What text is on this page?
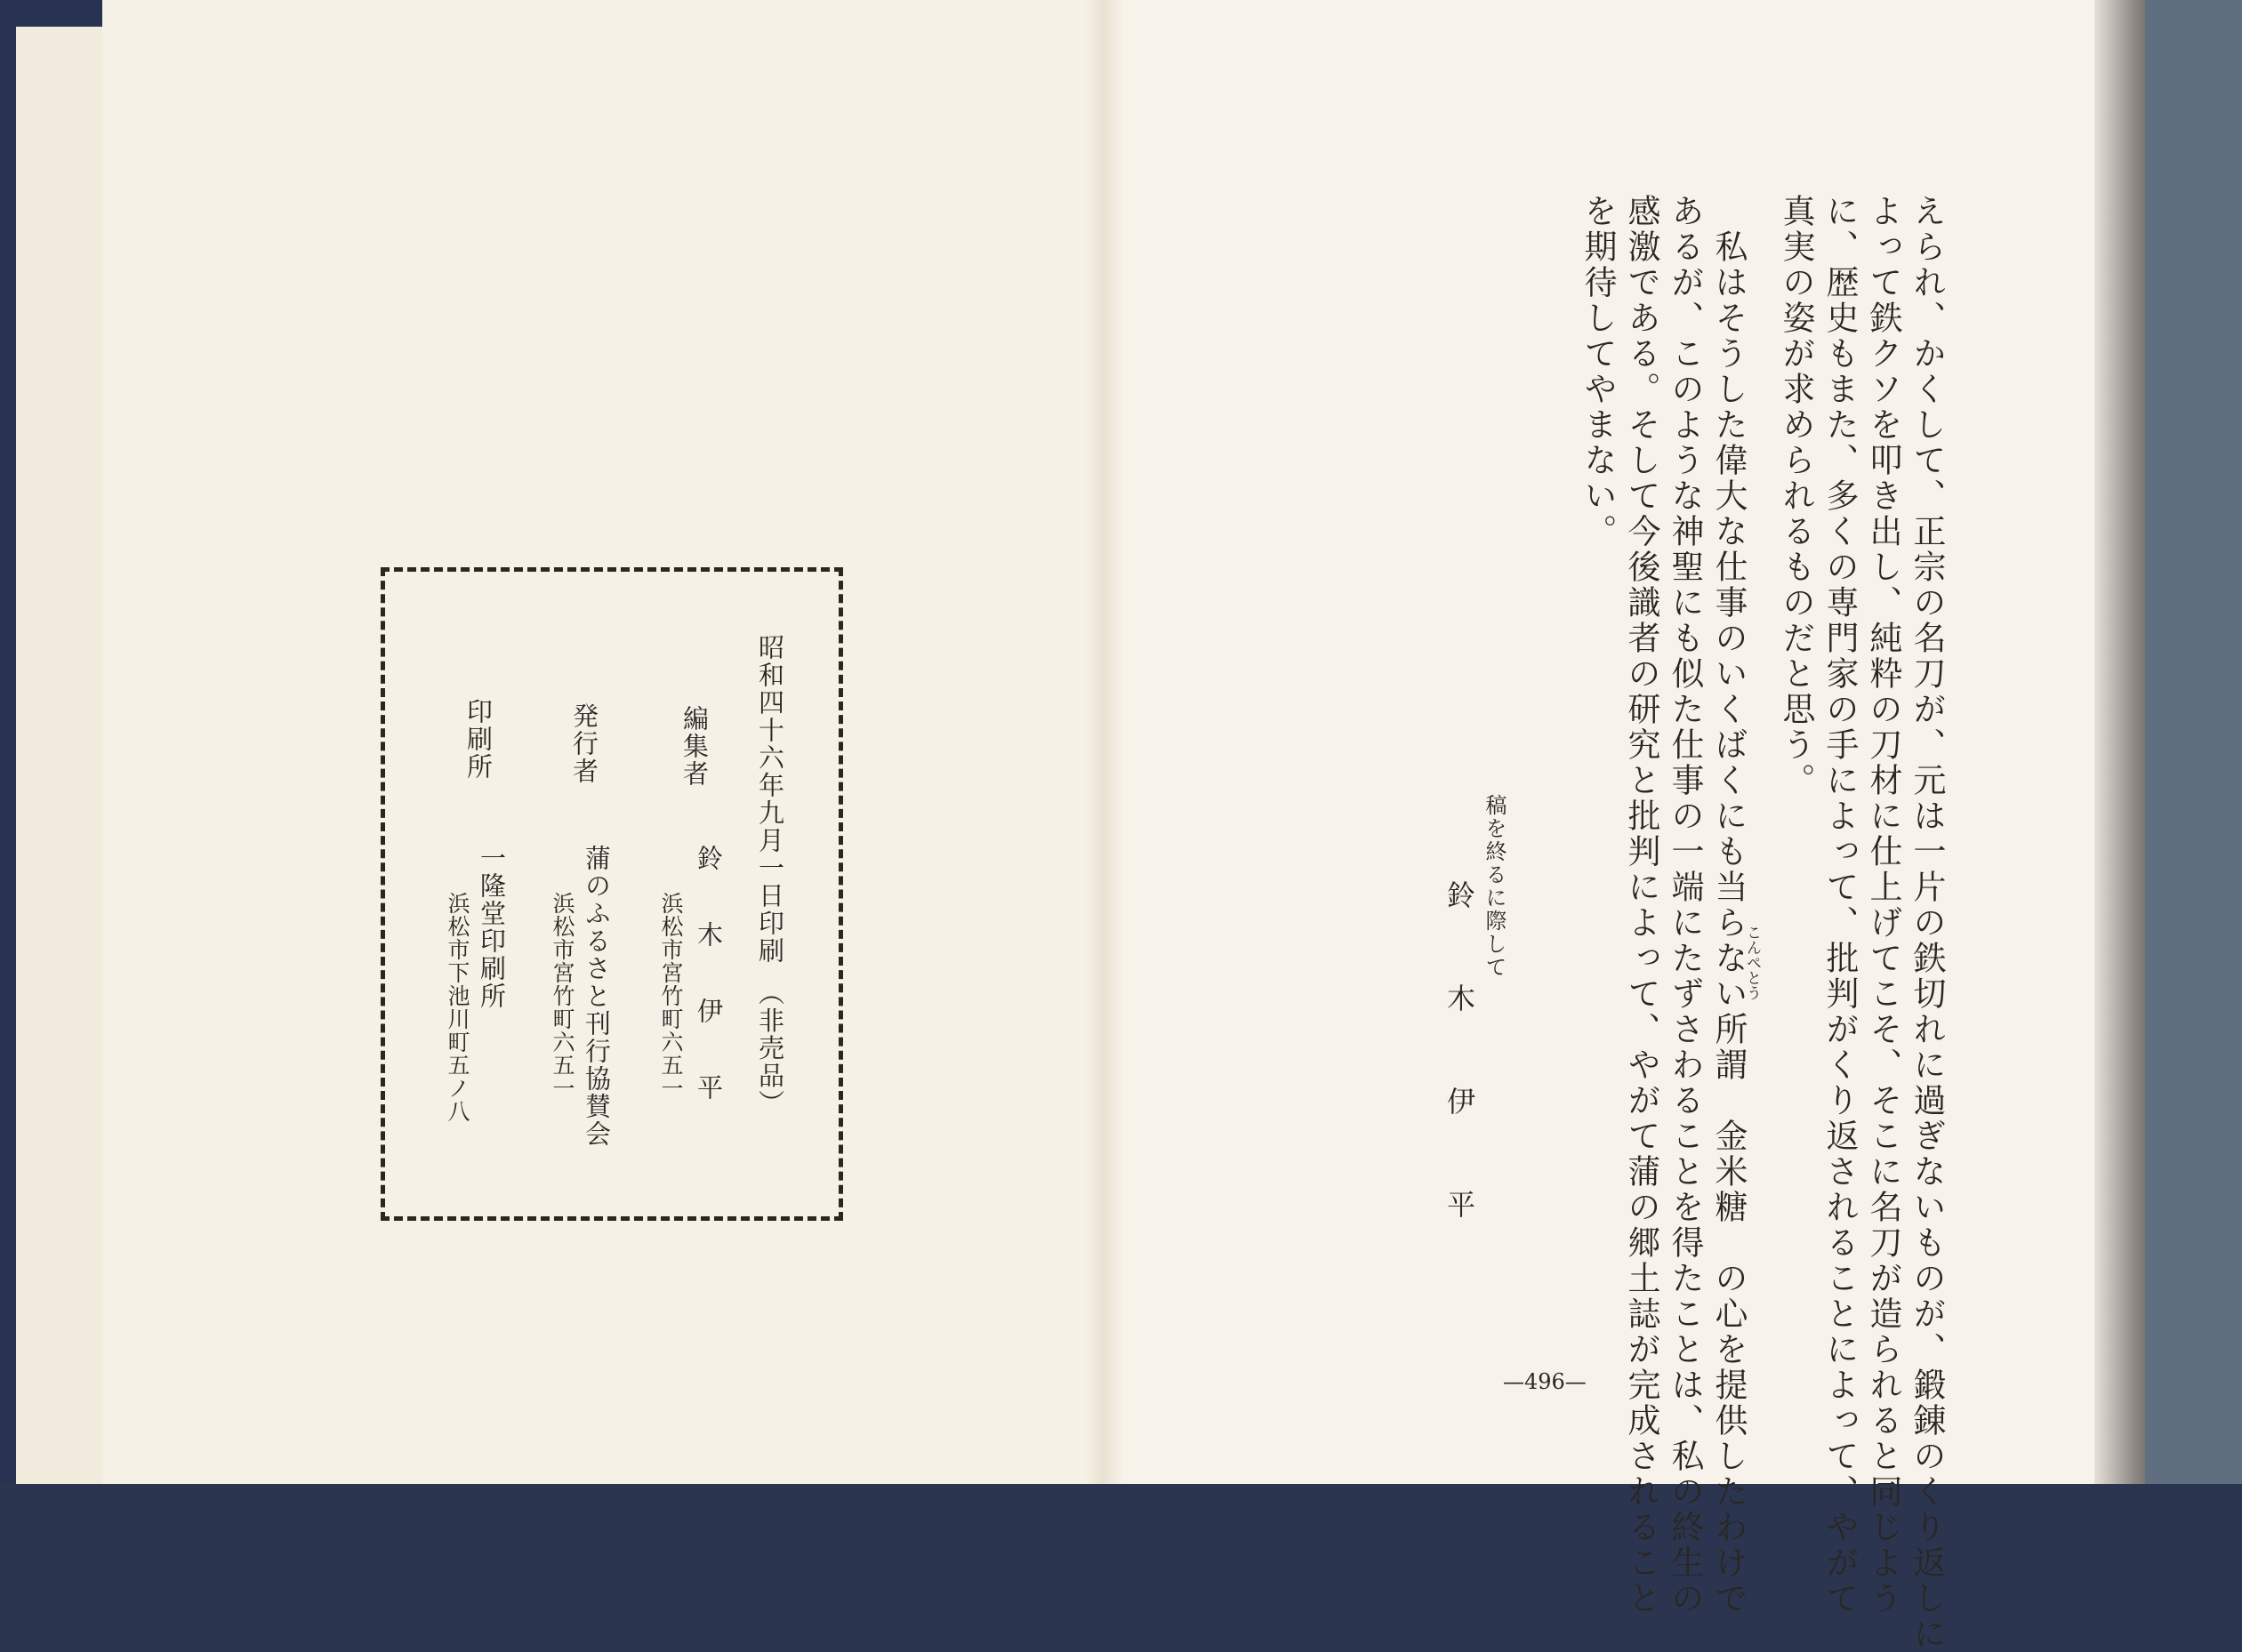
えられ、かくして、正宗の名刀が、元は一片の鉄切れに過ぎないものが、鍛錬のくり返しに

よって鉄クソを叩き出し、純粋の刀材に仕上げてこそ、そこに名刀が造られると同じよう

に、歴史もまた、多くの専門家の手によって、批判がくり返されることによって、やがて

真実の姿が求められるものだと思う。

私はそうした偉大な仕事のいくばくにも当らない所謂　金米糖　の心を提供したわけで

こんぺとう

あるが、このような神聖にも似た仕事の一端にたずさわることを得たことは、私の終生の

感激である。そして今後識者の研究と批判によって、やがて蒲の郷土誌が完成されること

を期待してやまない。

稿を終るに際して

鈴　木　伊　平

—496—

昭和四十六年九月一日印刷　（非売品）

編集者

鈴　木　伊　平

浜松市宮竹町六五一

発行者

蒲のふるさと刊行協賛会

浜松市宮竹町六五一

印刷所

一隆堂印刷所

浜松市下池川町五ノ八
